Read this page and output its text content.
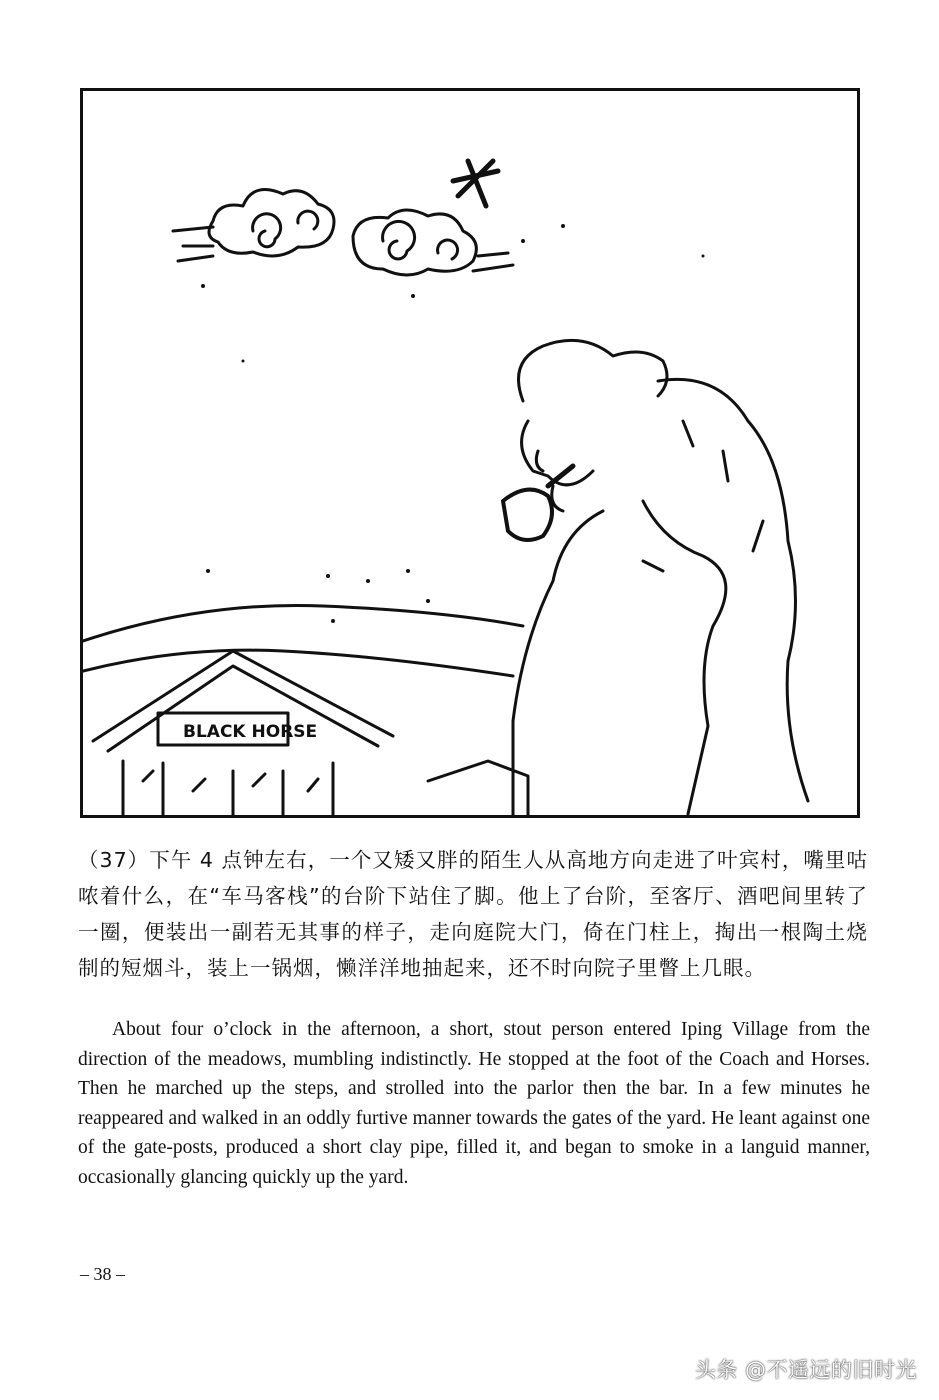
BLACK HORSE

（37）下午 4 点钟左右，一个又矮又胖的陌生人从高地方向走进了叶宾村，嘴里咕哝着什么，在“车马客栈”的台阶下站住了脚。他上了台阶，至客厅、酒吧间里转了一圈，便装出一副若无其事的样子，走向庭院大门，倚在门柱上，掏出一根陶土烧制的短烟斗，装上一锅烟，懒洋洋地抽起来，还不时向院子里瞥上几眼。

About four o’clock in the afternoon, a short, stout person entered Iping Village from the direction of the meadows, mumbling indistinctly. He stopped at the foot of the Coach and Horses. Then he marched up the steps, and strolled into the parlor then the bar. In a few minutes he reappeared and walked in an oddly furtive manner towards the gates of the yard. He leant against one of the gate-posts, produced a short clay pipe, filled it, and began to smoke in a languid manner, occasionally glancing quickly up the yard.

– 38 –
头条 @不遥远的旧时光
